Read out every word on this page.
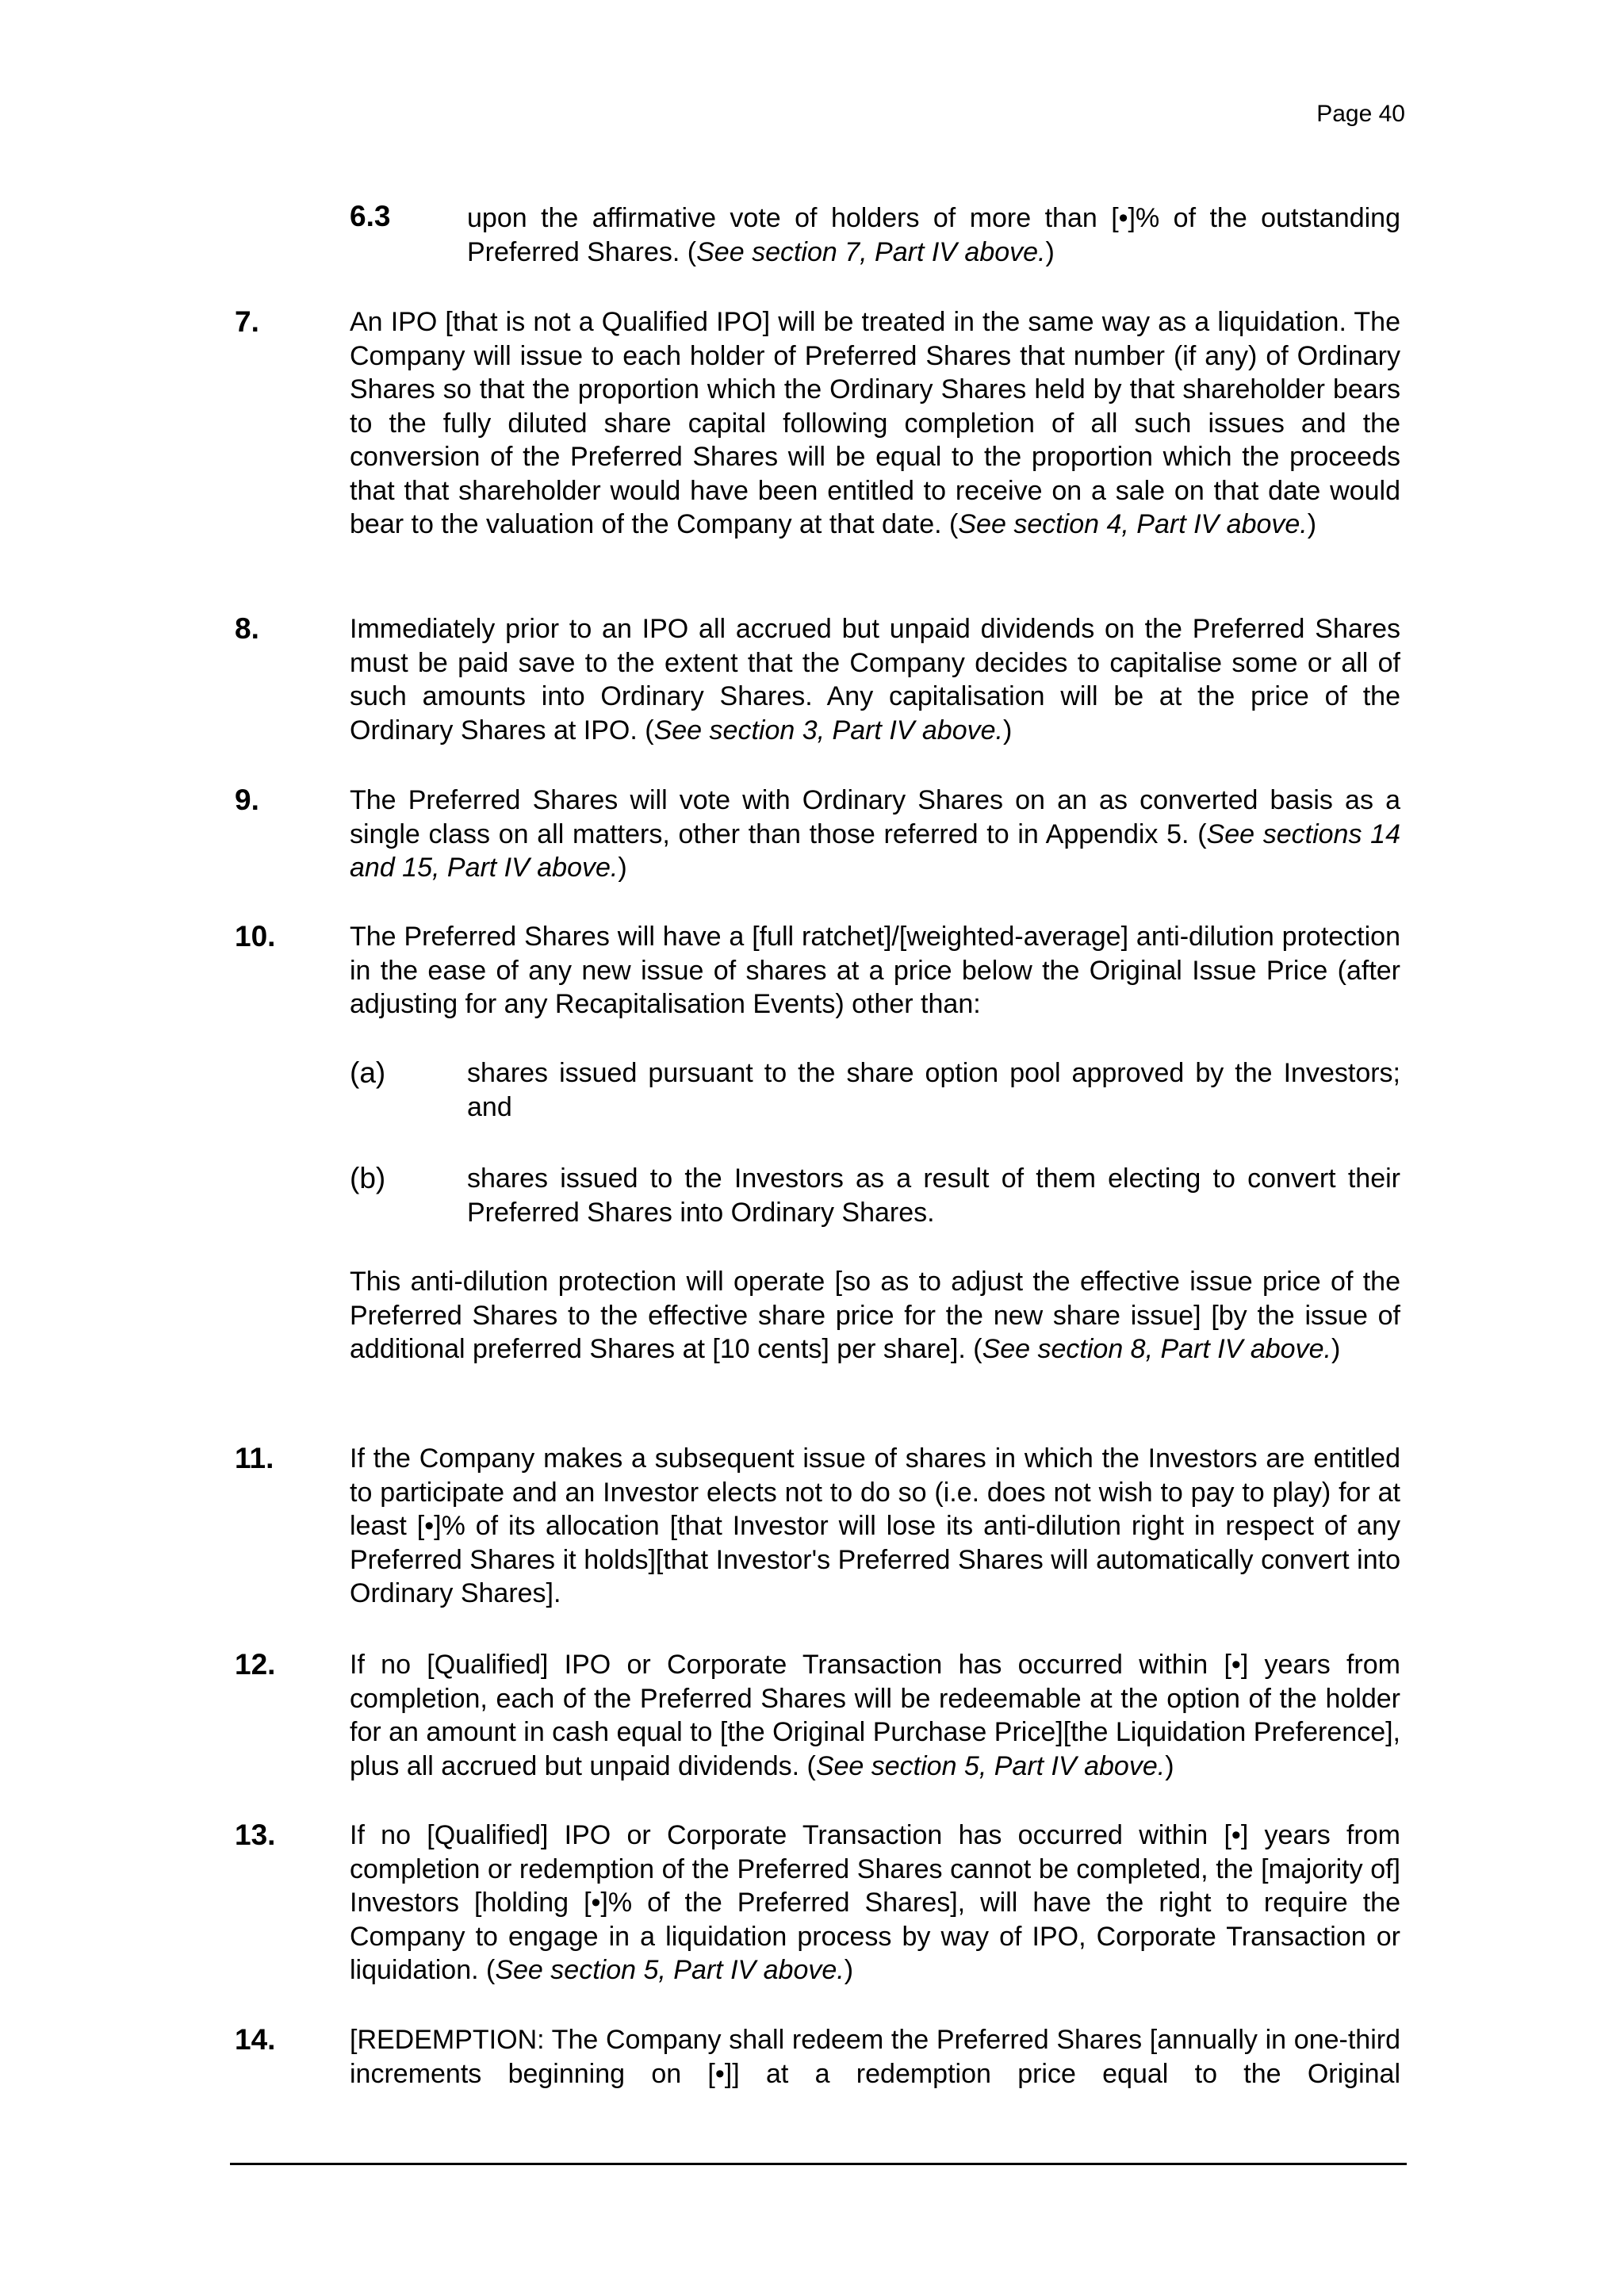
Page 40
6.3	upon the affirmative vote of holders of more than [•]% of the outstanding Preferred Shares. (See section 7, Part IV above.)
7.	An IPO [that is not a Qualified IPO] will be treated in the same way as a liquidation. The Company will issue to each holder of Preferred Shares that number (if any) of Ordinary Shares so that the proportion which the Ordinary Shares held by that shareholder bears to the fully diluted share capital following completion of all such issues and the conversion of the Preferred Shares will be equal to the proportion which the proceeds that that shareholder would have been entitled to receive on a sale on that date would bear to the valuation of the Company at that date. (See section 4, Part IV above.)
8.	Immediately prior to an IPO all accrued but unpaid dividends on the Preferred Shares must be paid save to the extent that the Company decides to capitalise some or all of such amounts into Ordinary Shares. Any capitalisation will be at the price of the Ordinary Shares at IPO. (See section 3, Part IV above.)
9.	The Preferred Shares will vote with Ordinary Shares on an as converted basis as a single class on all matters, other than those referred to in Appendix 5. (See sections 14 and 15, Part IV above.)
10.	The Preferred Shares will have a [full ratchet]/[weighted-average] anti-dilution protection in the ease of any new issue of shares at a price below the Original Issue Price (after adjusting for any Recapitalisation Events) other than:
(a)	shares issued pursuant to the share option pool approved by the Investors; and
(b)	shares issued to the Investors as a result of them electing to convert their Preferred Shares into Ordinary Shares.
This anti-dilution protection will operate [so as to adjust the effective issue price of the Preferred Shares to the effective share price for the new share issue] [by the issue of additional preferred Shares at [10 cents] per share]. (See section 8, Part IV above.)
11.	If the Company makes a subsequent issue of shares in which the Investors are entitled to participate and an Investor elects not to do so (i.e. does not wish to pay to play) for at least [•]% of its allocation [that Investor will lose its anti-dilution right in respect of any Preferred Shares it holds][that Investor's Preferred Shares will automatically convert into Ordinary Shares].
12.	If no [Qualified] IPO or Corporate Transaction has occurred within [•] years from completion, each of the Preferred Shares will be redeemable at the option of the holder for an amount in cash equal to [the Original Purchase Price][the Liquidation Preference], plus all accrued but unpaid dividends. (See section 5, Part IV above.)
13.	If no [Qualified] IPO or Corporate Transaction has occurred within [•] years from completion or redemption of the Preferred Shares cannot be completed, the [majority of] Investors [holding [•]% of the Preferred Shares], will have the right to require the Company to engage in a liquidation process by way of IPO, Corporate Transaction or liquidation. (See section 5, Part IV above.)
14.	[REDEMPTION: The Company shall redeem the Preferred Shares [annually in one-third increments beginning on [•]] at a redemption price equal to the Original
